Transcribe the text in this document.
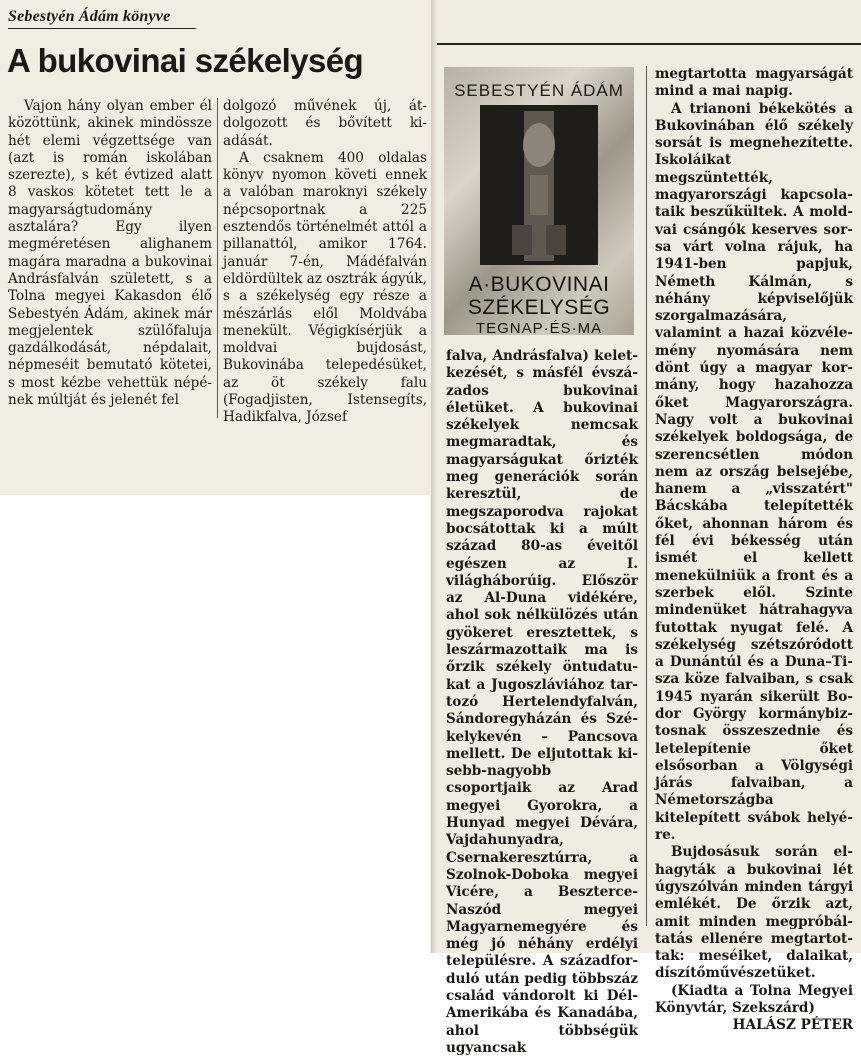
Sebestyén Ádám könyve
A bukovinai székelység

Vajon hány olyan ember él közöttünk, akinek mindössze hét elemi végzettsége van (azt is román iskolában szerezte), s két évtized alatt 8 vaskos kötetet tett le a magyarságtudomány asztalára? Egy ilyen megméretésen alighanem magára maradna a bukovinai Andrásfalván született, s a Tolna megyei Kakasdon élő Sebestyén Ádám, akinek már megjelentek szülőfaluja gazdálkodását, népdalait, népmeséit bemutató kötetei, s most kézbe vehettük népének múltját és jelenét fel

dolgozó művének új, átdolgozott és bővített kiadását.

A csaknem 400 oldalas könyv nyomon követi ennek a valóban maroknyi székely népcsoportnak a 225 esztendős történelmét attól a pillanattól, amikor 1764. január 7-én, Mádéfalván eldördültek az osztrák ágyúk, s a székelység egy része a mészárlás elől Moldvába menekült. Végigkísérjük a moldvai bujdosást, Bukovinába telepedésüket, az öt székely falu (Fogadjisten, Istensegíts, Hadikfalva, József

SEBESTYÉN ÁDÁM
A·BUKOVINAI
SZÉKELYSÉG
TEGNAP·ÉS·MA

falva, Andrásfalva) keletkezését, s másfél évszázados bukovinai életüket. A bukovinai székelyek nemcsak megmaradtak, és magyarságukat őrizték meg generációk során keresztül, de megszaporodva rajokat bocsátottak ki a múlt század 80-as éveitől egészen az I. világháborúig. Először az Al-Duna vidékére, ahol sok nélkülözés után gyökeret eresztettek, s leszármazottaik ma is őrzik székely öntudatukat a Jugoszláviához tartozó Hertelendyfalván, Sándoregyházán és Székelykevén – Pancsova mellett. De eljutottak kisebb-nagyobb csoportjaik az Arad megyei Gyorokra, a Hunyad megyei Dévára, Vajdahunyadra, Csernakeresztúrra, a Szolnok-Doboka megyei Vicére, a Beszterce-Naszód megyei Magyarnemegyére és még jó néhány erdélyi településre. A századforduló után pedig többszáz család vándorolt ki Dél-Amerikába és Kanadába, ahol többségük ugyancsak

megtartotta magyarságát mind a mai napig.

A trianoni békekötés a Bukovinában élő székely sorsát is megnehezítette. Iskoláikat megszüntették, magyarországi kapcsolataik beszűkültek. A moldvai csángók keserves sorsa várt volna rájuk, ha 1941-ben papjuk, Németh Kálmán, s néhány képviselőjük szorgalmazására, valamint a hazai közvélemény nyomására nem dönt úgy a magyar kormány, hogy hazahozza őket Magyarországra. Nagy volt a bukovinai székelyek boldogsága, de szerencsétlen módon nem az ország belsejébe, hanem a „visszatért" Bácskába telepítették őket, ahonnan három és fél évi békesség után ismét el kellett menekülniük a front és a szerbek elől. Szinte mindenüket hátrahagyva futottak nyugat felé. A székelység szétszóródott a Dunántúl és a Duna–Tisza köze falvaiban, s csak 1945 nyarán sikerült Bodor György kormánybiztosnak összeszednie és letelepítenie őket elsősorban a Völgységi járás falvaiban, a Németországba kitelepített svábok helyére.

Bujdosásuk során elhagyták a bukovinai lét úgyszólván minden tárgyi emlékét. De őrzik azt, amit minden megpróbáltatás ellenére megtartottak: meséiket, dalaikat, díszítőművészetüket.

(Kiadta a Tolna Megyei Könyvtár, Szekszárd)

HALÁSZ PÉTER
